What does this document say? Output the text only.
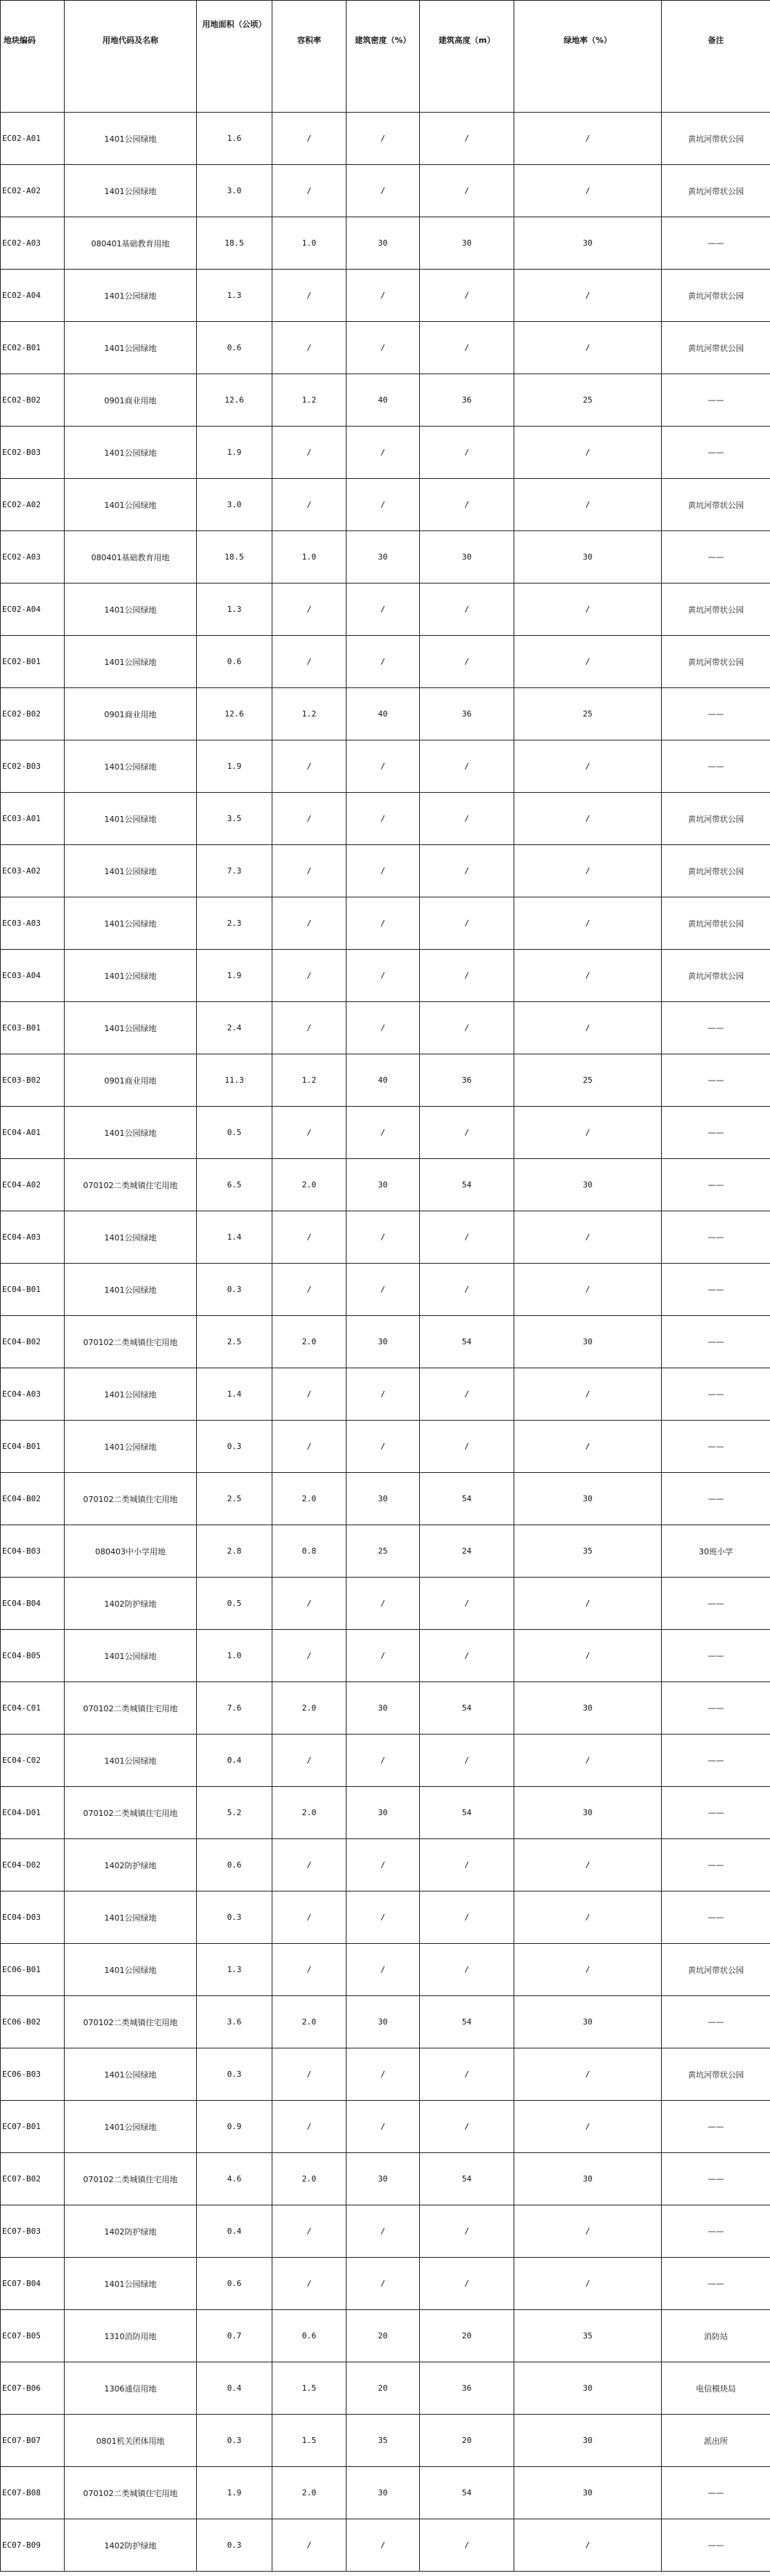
地块编码	用地代码及名称	用地面积（公顷）	容积率	建筑密度（%）	建筑高度（m）	绿地率（%）	备注
EC02-A01	1401公园绿地	1.6	/	/	/	/	黄坑河带状公园
EC02-A02	1401公园绿地	3.0	/	/	/	/	黄坑河带状公园
EC02-A03	080401基础教育用地	18.5	1.0	30	30	30	——
EC02-A04	1401公园绿地	1.3	/	/	/	/	黄坑河带状公园
EC02-B01	1401公园绿地	0.6	/	/	/	/	黄坑河带状公园
EC02-B02	0901商业用地	12.6	1.2	40	36	25	——
EC02-B03	1401公园绿地	1.9	/	/	/	/	——
EC02-A02	1401公园绿地	3.0	/	/	/	/	黄坑河带状公园
EC02-A03	080401基础教育用地	18.5	1.0	30	30	30	——
EC02-A04	1401公园绿地	1.3	/	/	/	/	黄坑河带状公园
EC02-B01	1401公园绿地	0.6	/	/	/	/	黄坑河带状公园
EC02-B02	0901商业用地	12.6	1.2	40	36	25	——
EC02-B03	1401公园绿地	1.9	/	/	/	/	——
EC03-A01	1401公园绿地	3.5	/	/	/	/	黄坑河带状公园
EC03-A02	1401公园绿地	7.3	/	/	/	/	黄坑河带状公园
EC03-A03	1401公园绿地	2.3	/	/	/	/	黄坑河带状公园
EC03-A04	1401公园绿地	1.9	/	/	/	/	黄坑河带状公园
EC03-B01	1401公园绿地	2.4	/	/	/	/	——
EC03-B02	0901商业用地	11.3	1.2	40	36	25	——
EC04-A01	1401公园绿地	0.5	/	/	/	/	——
EC04-A02	070102二类城镇住宅用地	6.5	2.0	30	54	30	——
EC04-A03	1401公园绿地	1.4	/	/	/	/	——
EC04-B01	1401公园绿地	0.3	/	/	/	/	——
EC04-B02	070102二类城镇住宅用地	2.5	2.0	30	54	30	——
EC04-A03	1401公园绿地	1.4	/	/	/	/	——
EC04-B01	1401公园绿地	0.3	/	/	/	/	——
EC04-B02	070102二类城镇住宅用地	2.5	2.0	30	54	30	——
EC04-B03	080403中小学用地	2.8	0.8	25	24	35	30班小学
EC04-B04	1402防护绿地	0.5	/	/	/	/	——
EC04-B05	1401公园绿地	1.0	/	/	/	/	——
EC04-C01	070102二类城镇住宅用地	7.6	2.0	30	54	30	——
EC04-C02	1401公园绿地	0.4	/	/	/	/	——
EC04-D01	070102二类城镇住宅用地	5.2	2.0	30	54	30	——
EC04-D02	1402防护绿地	0.6	/	/	/	/	——
EC04-D03	1401公园绿地	0.3	/	/	/	/	——
EC06-B01	1401公园绿地	1.3	/	/	/	/	黄坑河带状公园
EC06-B02	070102二类城镇住宅用地	3.6	2.0	30	54	30	——
EC06-B03	1401公园绿地	0.3	/	/	/	/	黄坑河带状公园
EC07-B01	1401公园绿地	0.9	/	/	/	/	——
EC07-B02	070102二类城镇住宅用地	4.6	2.0	30	54	30	——
EC07-B03	1402防护绿地	0.4	/	/	/	/	——
EC07-B04	1401公园绿地	0.6	/	/	/	/	——
EC07-B05	1310消防用地	0.7	0.6	20	20	35	消防站
EC07-B06	1306通信用地	0.4	1.5	20	36	30	电信模块局
EC07-B07	0801机关团体用地	0.3	1.5	35	20	30	派出所
EC07-B08	070102二类城镇住宅用地	1.9	2.0	30	54	30	——
EC07-B09	1402防护绿地	0.3	/	/	/	/	——
